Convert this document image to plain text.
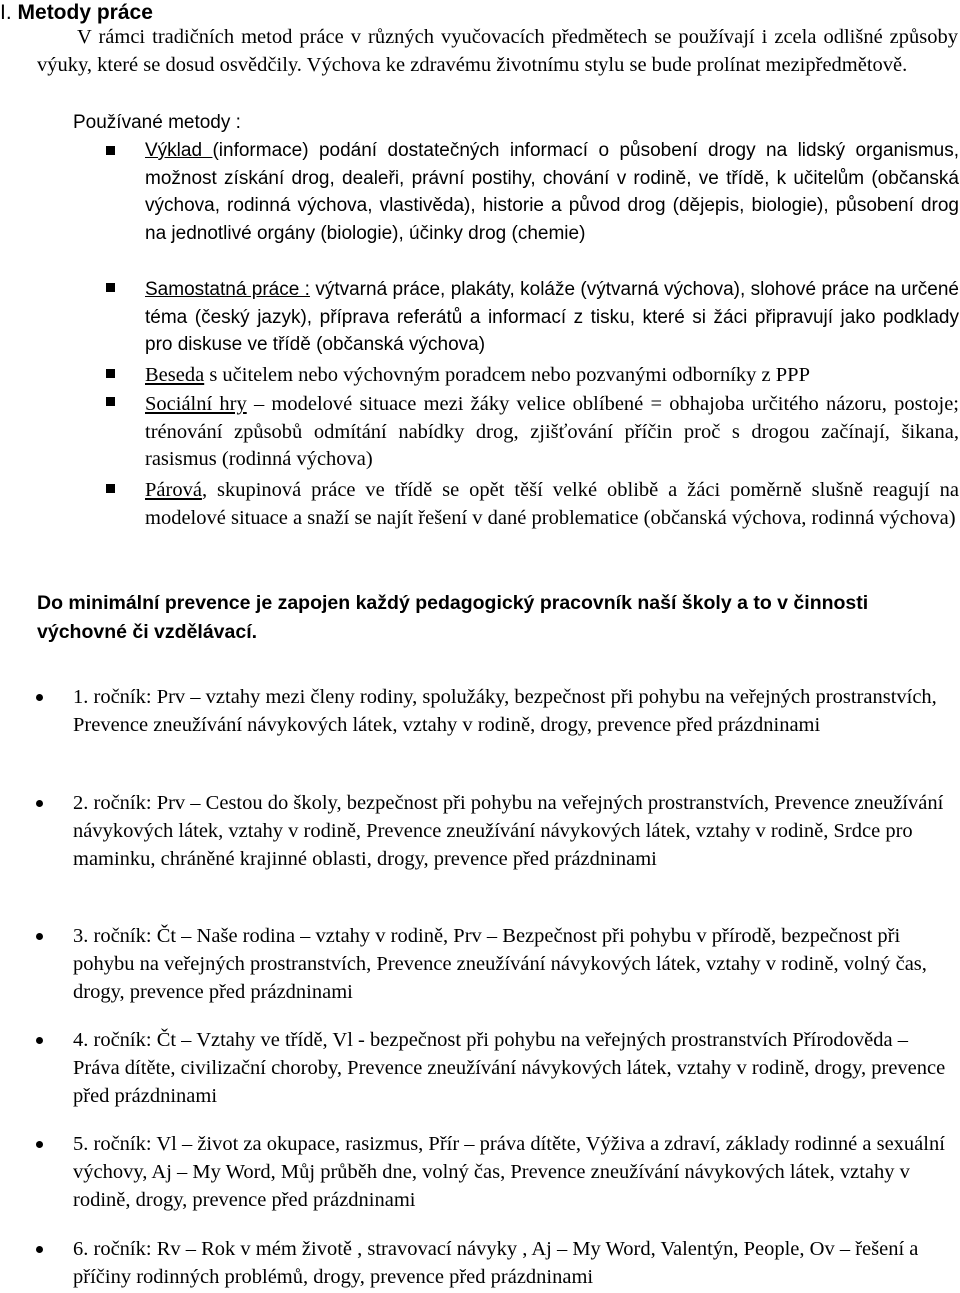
I. Metody práce
V rámci tradičních metod práce v různých vyučovacích předmětech se používají i zcela odlišné způsoby výuky, které se dosud osvědčily. Výchova ke zdravému životnímu stylu se bude prolínat mezipředmětově.
Používané metody :
Výklad (informace) podání dostatečných informací o působení drogy na lidský organismus, možnost získání drog, dealeři, právní postihy, chování v rodině, ve třídě, k učitelům (občanská výchova, rodinná výchova, vlastivěda), historie a původ drog (dějepis, biologie), působení drog na jednotlivé orgány (biologie), účinky drog (chemie)
Samostatná práce : výtvarná práce, plakáty, koláže (výtvarná výchova), slohové práce na určené téma (český jazyk), příprava referátů a informací z tisku, které si žáci připravují jako podklady pro diskuse ve třídě (občanská výchova)
Beseda s učitelem nebo výchovným poradcem nebo pozvanými odborníky z PPP
Sociální hry – modelové situace mezi žáky velice oblíbené = obhajoba určitého názoru, postoje; trénování způsobů odmítání nabídky drog, zjišťování příčin proč s drogou začínají, šikana, rasismus (rodinná výchova)
Párová, skupinová práce ve třídě se opět těší velké oblibě a žáci poměrně slušně reagují na modelové situace a snaží se najít řešení v dané problematice (občanská výchova, rodinná výchova)
Do minimální prevence je zapojen každý pedagogický pracovník naší školy a to v činnosti výchovné či vzdělávací.
1. ročník: Prv – vztahy mezi členy rodiny, spolužáky, bezpečnost při pohybu na veřejných prostranstvích, Prevence zneužívání návykových látek, vztahy v rodině, drogy, prevence před prázdninami
2. ročník: Prv – Cestou do školy, bezpečnost při pohybu na veřejných prostranstvích, Prevence zneužívání návykových látek, vztahy v rodině, Prevence zneužívání návykových látek, vztahy v rodině, Srdce pro maminku, chráněné krajinné oblasti, drogy, prevence před prázdninami
3. ročník: Čt – Naše rodina – vztahy v rodině, Prv – Bezpečnost při pohybu v přírodě, bezpečnost při pohybu na veřejných prostranstvích, Prevence zneužívání návykových látek, vztahy v rodině, volný čas, drogy, prevence před prázdninami
4. ročník: Čt – Vztahy ve třídě, Vl - bezpečnost při pohybu na veřejných prostranstvích Přírodověda – Práva dítěte, civilizační choroby, Prevence zneužívání návykových látek, vztahy v rodině, drogy, prevence před prázdninami
5. ročník: Vl – život za okupace, rasizmus, Přír – práva dítěte, Výživa a zdraví, základy rodinné a sexuální výchovy, Aj – My Word, Můj průběh dne, volný čas, Prevence zneužívání návykových látek, vztahy v rodině, drogy, prevence před prázdninami
6. ročník: Rv – Rok v mém životě , stravovací návyky , Aj – My Word, Valentýn, People, Ov – řešení a příčiny rodinných problémů, drogy, prevence před prázdninami
